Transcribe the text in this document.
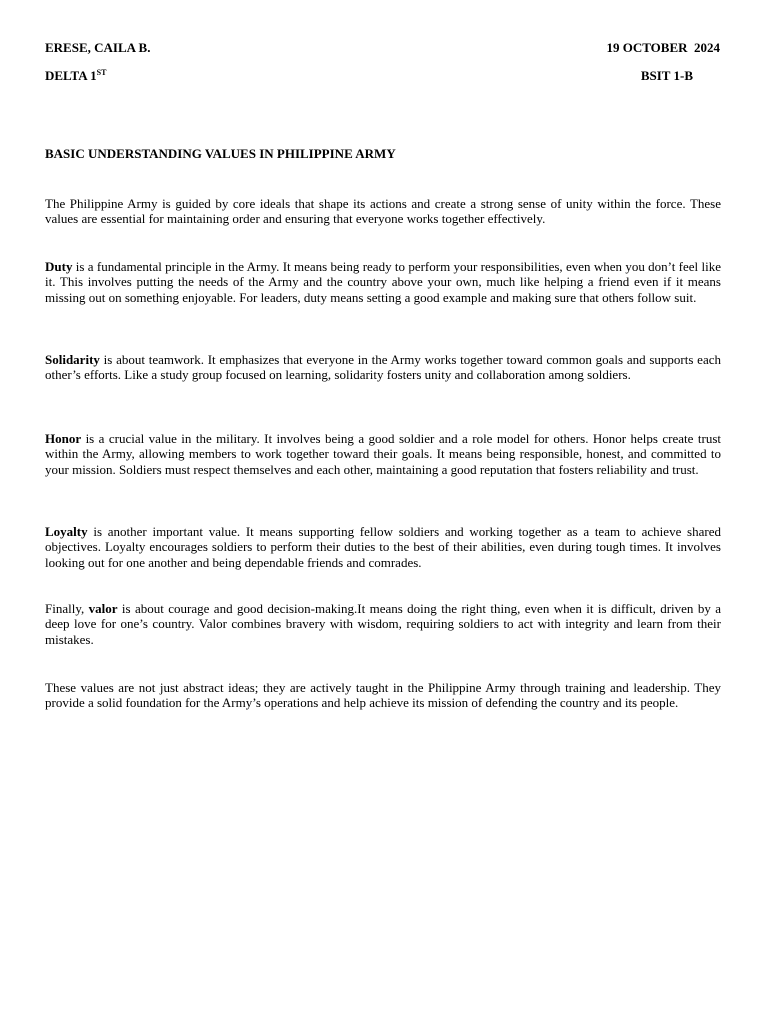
ERESE, CAILA B.	19 OCTOBER  2024
DELTA 1ST	BSIT 1-B
BASIC UNDERSTANDING VALUES IN PHILIPPINE ARMY

The Philippine Army is guided by core ideals that shape its actions and create a strong sense of unity within the force. These values are essential for maintaining order and ensuring that everyone works together effectively.

Duty is a fundamental principle in the Army. It means being ready to perform your responsibilities, even when you don’t feel like it. This involves putting the needs of the Army and the country above your own, much like helping a friend even if it means missing out on something enjoyable. For leaders, duty means setting a good example and making sure that others follow suit.

Solidarity is about teamwork. It emphasizes that everyone in the Army works together toward common goals and supports each other’s efforts. Like a study group focused on learning, solidarity fosters unity and collaboration among soldiers.

Honor is a crucial value in the military. It involves being a good soldier and a role model for others. Honor helps create trust within the Army, allowing members to work together toward their goals. It means being responsible, honest, and committed to your mission. Soldiers must respect themselves and each other, maintaining a good reputation that fosters reliability and trust.

Loyalty is another important value. It means supporting fellow soldiers and working together as a team to achieve shared objectives. Loyalty encourages soldiers to perform their duties to the best of their abilities, even during tough times. It involves looking out for one another and being dependable friends and comrades.

Finally, valor is about courage and good decision-making.It means doing the right thing, even when it is difficult, driven by a deep love for one’s country. Valor combines bravery with wisdom, requiring soldiers to act with integrity and learn from their mistakes.

These values are not just abstract ideas; they are actively taught in the Philippine Army through training and leadership. They provide a solid foundation for the Army’s operations and help achieve its mission of defending the country and its people.
